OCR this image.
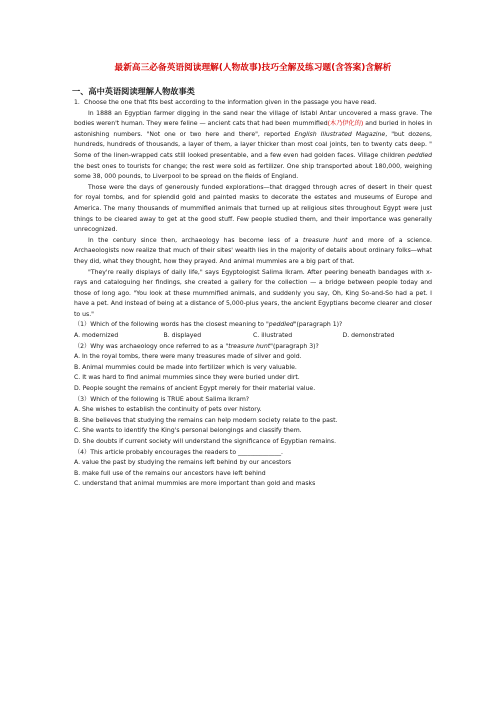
最新高三必备英语阅读理解(人物故事)技巧全解及练习题(含答案)含解析
一、高中英语阅读理解人物故事类

1．Choose the one that fits best according to the information given in the passage you have read.

In 1888 an Egyptian farmer digging in the sand near the village of Istabl Antar uncovered a mass grave. The bodies weren't human. They were feline — ancient cats that had been mummified(木乃伊化的) and buried in holes in astonishing numbers. "Not one or two here and there", reported English Illustrated Magazine, "but dozens, hundreds, hundreds of thousands, a layer of them, a layer thicker than most coal joints, ten to twenty cats deep. " Some of the linen-wrapped cats still looked presentable, and a few even had golden faces. Village children peddled the best ones to tourists for change; the rest were sold as fertilizer. One ship transported about 180,000, weighing some 38, 000 pounds, to Liverpool to be spread on the fields of England.

Those were the days of generously funded explorations—that dragged through acres of desert in their quest for royal tombs, and for splendid gold and painted masks to decorate the estates and museums of Europe and America. The many thousands of mummified animals that turned up at religious sites throughout Egypt were just things to be cleared away to get at the good stuff. Few people studied them, and their importance was generally unrecognized.

In the century since then, archaeology has become less of a treasure hunt and more of a science. Archaeologists now realize that much of their sites' wealth lies in the majority of details about ordinary folks—what they did, what they thought, how they prayed. And animal mummies are a big part of that.

"They're really displays of daily life," says Egyptologist Salima Ikram. After peering beneath bandages with x-rays and cataloguing her findings, she created a gallery for the collection — a bridge between people today and those of long ago. "You look at these mummified animals, and suddenly you say, Oh, King So-and-So had a pet. I have a pet. And instead of being at a distance of 5,000-plus years, the ancient Egyptians become clearer and closer to us."

（1）Which of the following words has the closest meaning to "peddled"(paragraph 1)?

A. modernized	B. displayed	C. illustrated	D. demonstrated

（2）Why was archaeology once referred to as a "treasure hunt"(paragraph 3)?

A. In the royal tombs, there were many treasures made of silver and gold.

B. Animal mummies could be made into fertilizer which is very valuable.

C. It was hard to find animal mummies since they were buried under dirt.

D. People sought the remains of ancient Egypt merely for their material value.

（3）Which of the following is TRUE about Salima Ikram?

A. She wishes to establish the continuity of pets over history.

B. She believes that studying the remains can help modern society relate to the past.

C. She wants to identify the King's personal belongings and classify them.

D. She doubts if current society will understand the significance of Egyptian remains.

（4）This article probably encourages the readers to ______________.

A. value the past by studying the remains left behind by our ancestors

B. make full use of the remains our ancestors have left behind

C. understand that animal mummies are more important than gold and masks
